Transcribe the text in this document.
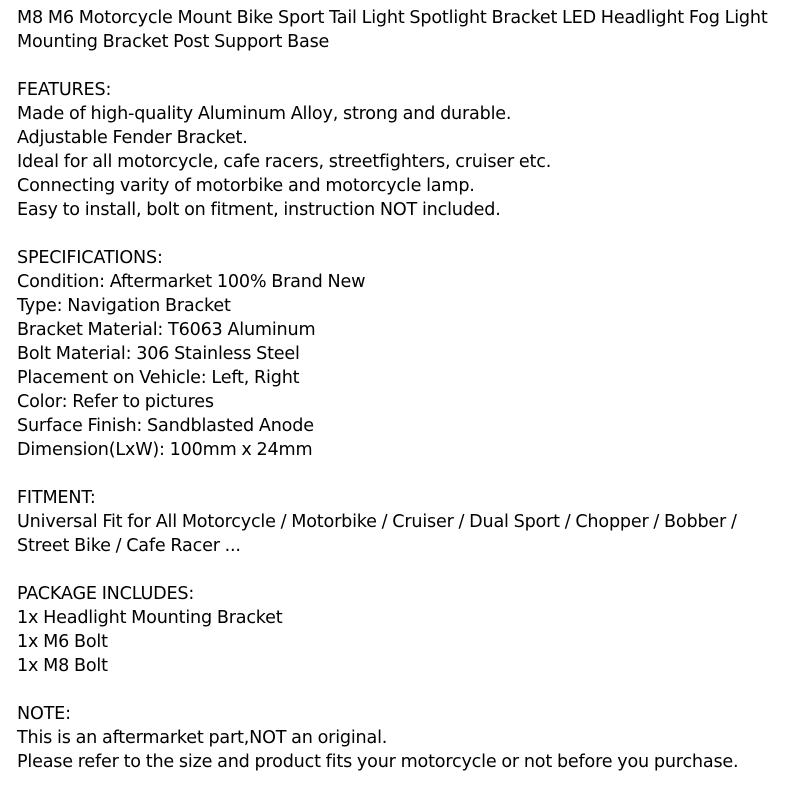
M8 M6 Motorcycle Mount Bike Sport Tail Light Spotlight Bracket LED Headlight Fog Light
Mounting Bracket Post Support Base
FEATURES:
Made of high-quality Aluminum Alloy, strong and durable.
Adjustable Fender Bracket.
Ideal for all motorcycle, cafe racers, streetfighters, cruiser etc.
Connecting varity of motorbike and motorcycle lamp.
Easy to install, bolt on fitment, instruction NOT included.
SPECIFICATIONS:
Condition: Aftermarket 100% Brand New
Type: Navigation Bracket
Bracket Material: T6063 Aluminum
Bolt Material: 306 Stainless Steel
Placement on Vehicle: Left, Right
Color: Refer to pictures
Surface Finish: Sandblasted Anode
Dimension(LxW): 100mm x 24mm
FITMENT:
Universal Fit for All Motorcycle / Motorbike / Cruiser / Dual Sport / Chopper / Bobber /
Street Bike / Cafe Racer ...
PACKAGE INCLUDES:
1x Headlight Mounting Bracket
1x M6 Bolt
1x M8 Bolt
NOTE:
This is an aftermarket part,NOT an original.
Please refer to the size and product fits your motorcycle or not before you purchase.
